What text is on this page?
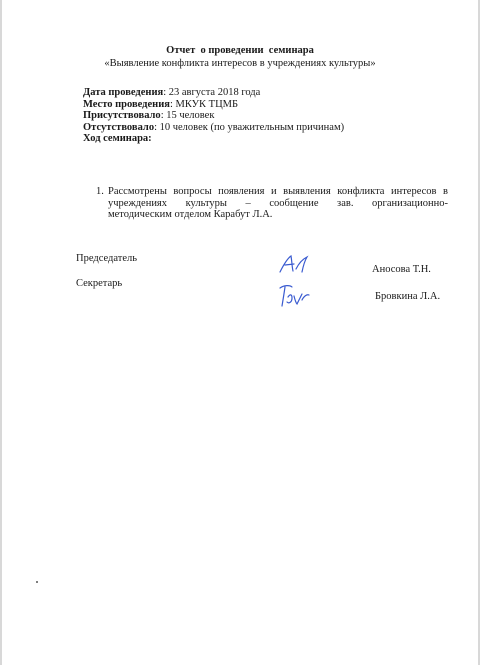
Отчет  о проведении  семинара
«Выявление конфликта интересов в учреждениях культуры»
Дата проведения: 23 августа 2018 года
Место проведения: МКУК ТЦМБ
Присутствовало: 15 человек
Отсутствовало: 10 человек (по уважительным причинам)
Ход семинара:
1. Рассмотрены вопросы появления и выявления конфликта интересов в
учреждениях культуры – сообщение зав. организационно-
методическим отделом Карабут Л.А.
Председатель
Аносова Т.Н.
Секретарь
Бровкина Л.А.
